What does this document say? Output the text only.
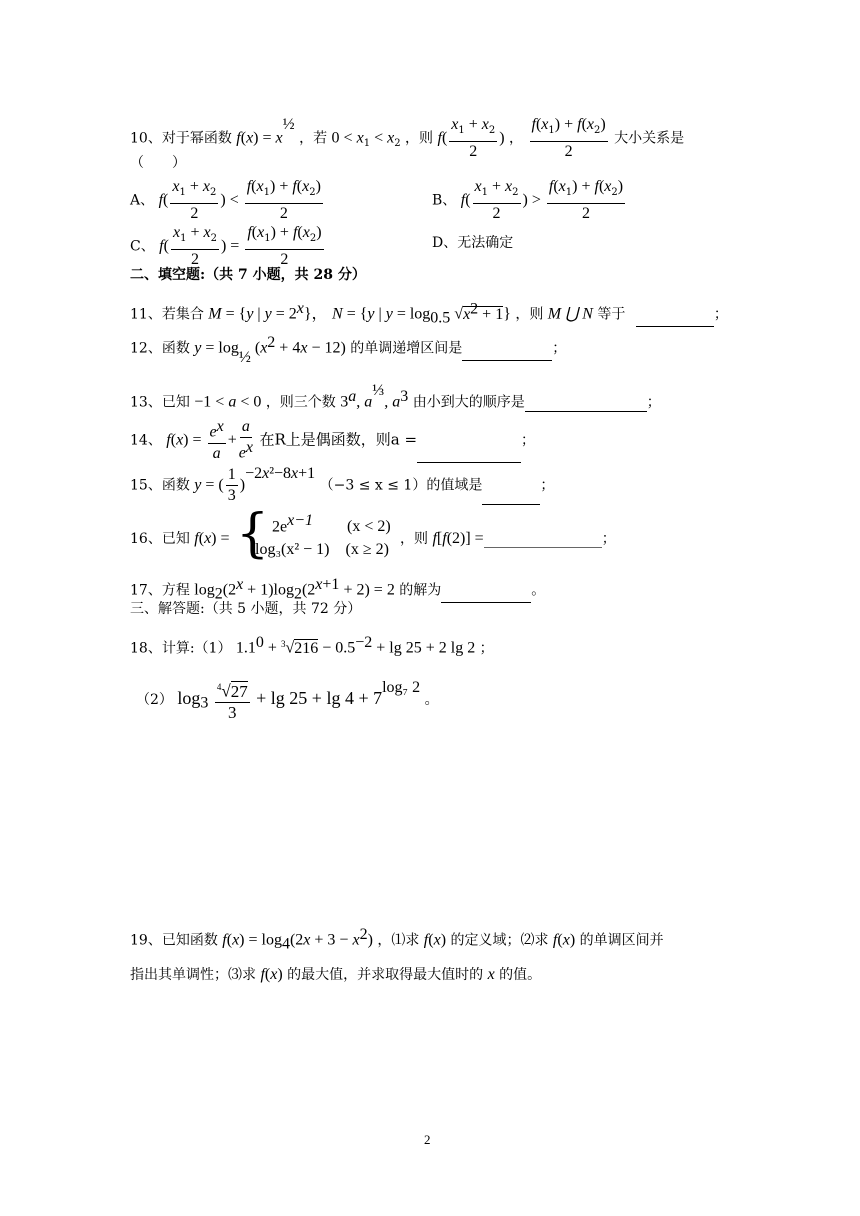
10、对于幂函数 $f(x) = x^{\frac{1}{2}}$ ，若 $0 < x_1 < x_2$ ，则 $f( \frac{x_1 + x_2}{2}$ ) ， $\frac{f(x_1) + f(x_2)}{2}$ 大小关系是
（　　）
A、 $f( \frac{x_1 + x_2}{2}$ ) < $\frac{f(x_1) + f(x_2)}{2}$	B、 $f( \frac{x_1 + x_2}{2}$ ) > $\frac{f(x_1) + f(x_2)}{2}$
C、 $f( \frac{x_1 + x_2}{2}$ ) = $\frac{f(x_1) + f(x_2)}{2}$	D、无法确定
二、填空题:（共 7 小题，共 28 分）
11、若集合 M = {y | $y = 2^x$}， N = {y | $y = \log_{0.5} √x^2 + 1$} ，则 M ⋃ N 等于	；
12、函数 $y = \log_{\frac{1}{2}} (x^2 + 4x - 12)$ 的单调递增区间是	；
13、已知 −1 < a < 0 ，则三个数 3$^a$, $a^{\frac{1}{3}}$, $a^3$ 由小到大的顺序是	；
14、 $f(x) = \frac{e^x}{a} + \frac{a}{e^x}$ 在R上是偶函数，则a =	；
15、函数 y = ( $\frac{1}{3} )^{-2x^2-8x+1}$ （−3 ≤ x ≤ 1）的值域是	；
16、已知 f(x) = { $2e^{x-1}$ (x < 2)
log₃(x² − 1) (x ≥ 2)
，则 f[f(2)] =	；
17、方程 $\log_2(2^x + 1)\log_2(2^{x+1} + 2) = 2$ 的解为	。
三、解答题:（共 5 小题，共 72 分）
18、计算:（1） $1.1^0 + ^3√216 - 0.5^{-2} + \lg 25 + 2$ lg 2 ；
（2） $\log_3 \frac{^4√27}{3} + \lg 25 + \lg 4 + 7^{log_7 2}$ 。
19、已知函数 $f(x) = \log_4(2x + 3 - x^2)$ ，⑴求 f(x) 的定义域；⑵求 f(x) 的单调区间并
指出其单调性；⑶求 f(x) 的最大值，并求取得最大值时的 x 的值。
2
